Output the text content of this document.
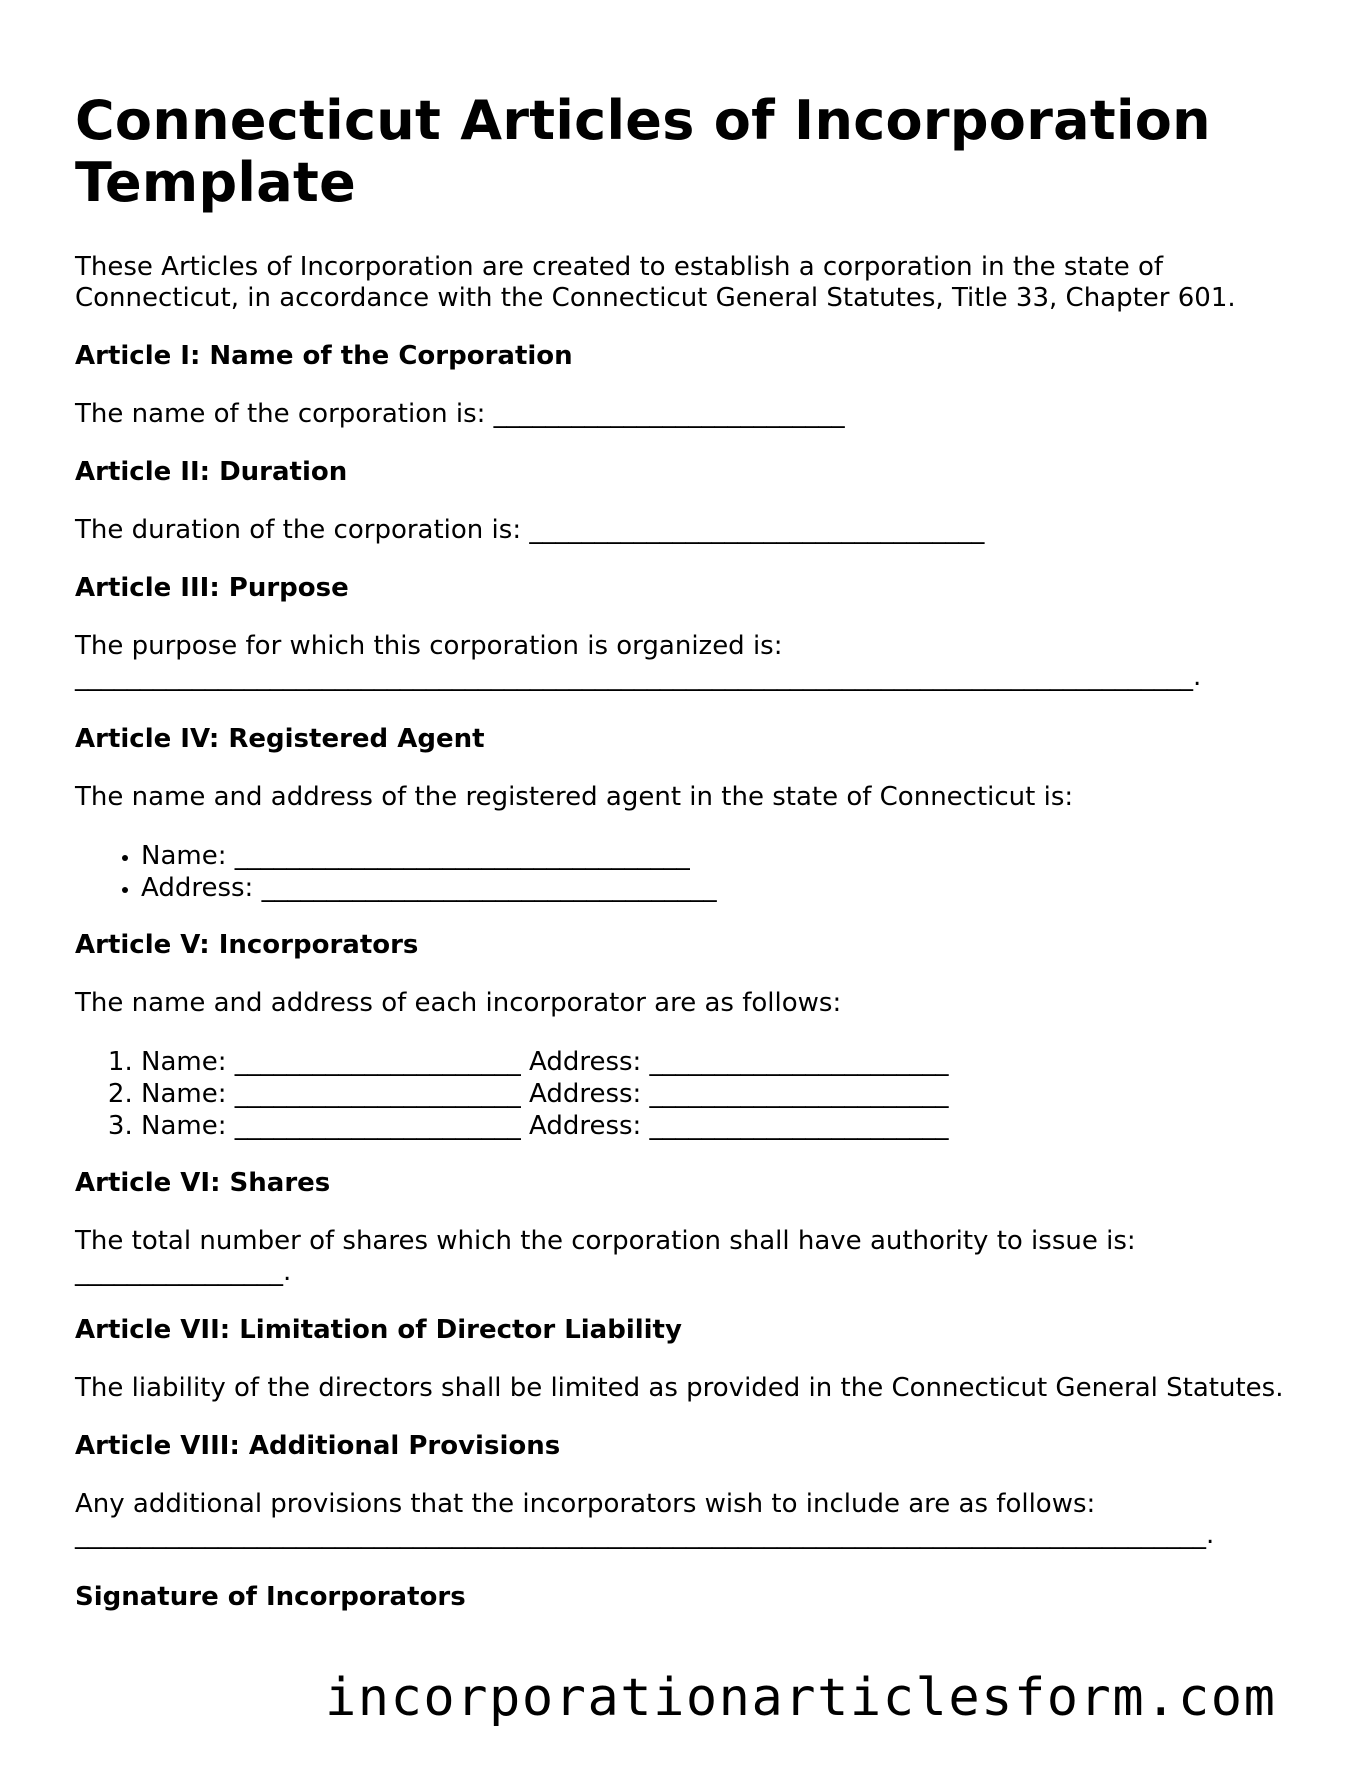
Connecticut Articles of Incorporation Template

These Articles of Incorporation are created to establish a corporation in the state of Connecticut, in accordance with the Connecticut General Statutes, Title 33, Chapter 601.

Article I: Name of the Corporation

The name of the corporation is: ___________________________

Article II: Duration

The duration of the corporation is: ___________________________________

Article III: Purpose

The purpose for which this corporation is organized is: ______________________________________________________________________________________.

Article IV: Registered Agent

The name and address of the registered agent in the state of Connecticut is:

• Name: ___________________________________
• Address: ___________________________________
Article V: Incorporators

The name and address of each incorporator are as follows:

1. Name: ______________________ Address: _______________________
2. Name: ______________________ Address: _______________________
3. Name: ______________________ Address: _______________________
Article VI: Shares

The total number of shares which the corporation shall have authority to issue is: ________________.

Article VII: Limitation of Director Liability

The liability of the directors shall be limited as provided in the Connecticut General Statutes.

Article VIII: Additional Provisions

Any additional provisions that the incorporators wish to include are as follows: _______________________________________________________________________________________.

Signature of Incorporators
incorporationarticlesform.com
